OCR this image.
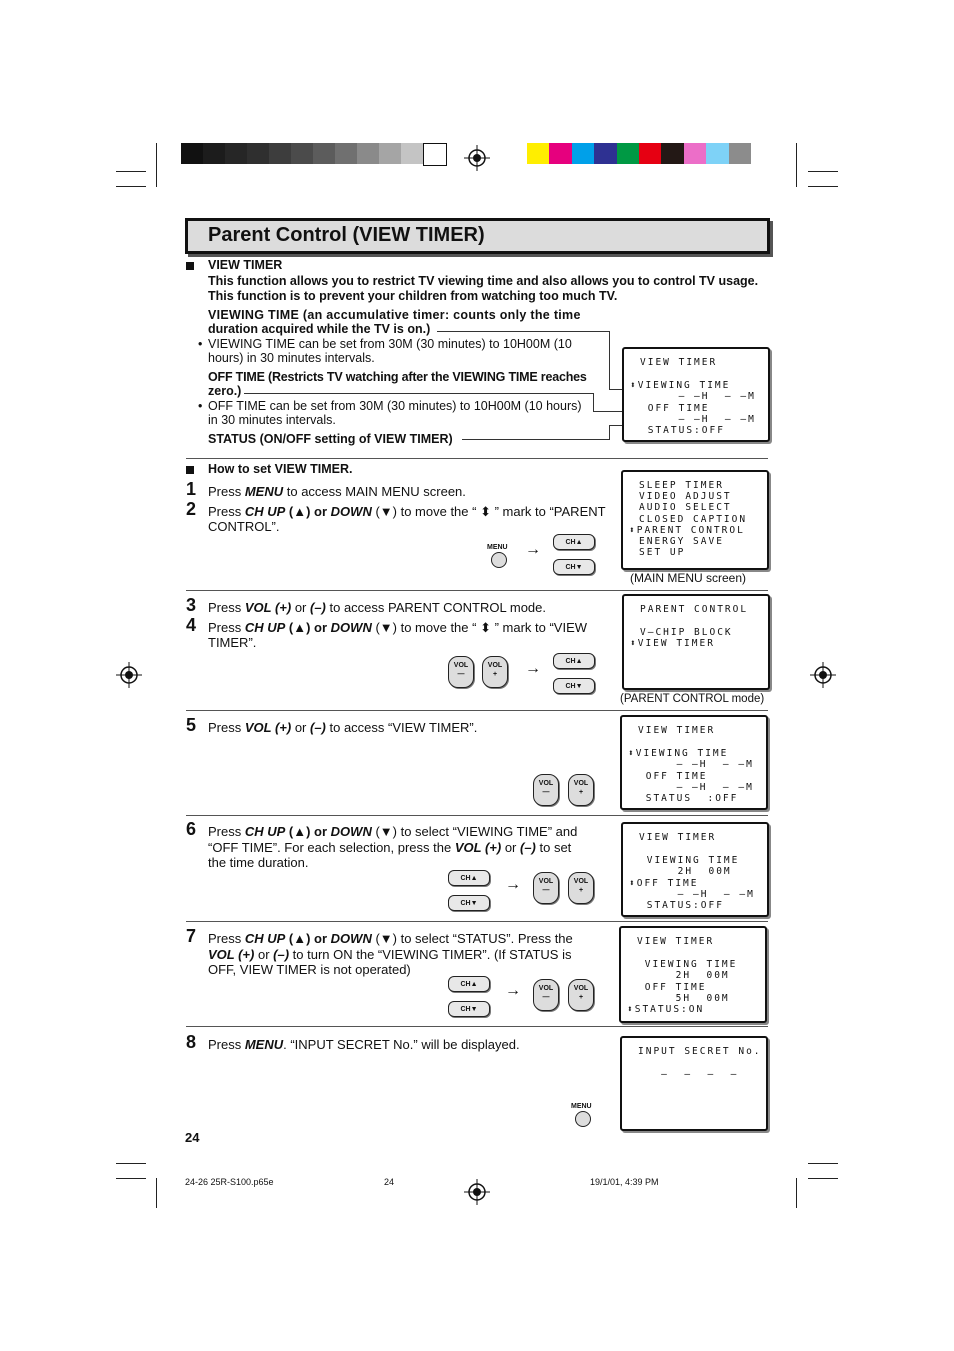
Parent Control (VIEW TIMER)
VIEW TIMER
This function allows you to restrict TV viewing time and also allows you to control TV usage.
This function is to prevent your children from watching too much TV.
VIEWING TIME (an accumulative timer: counts only the time
duration acquired while the TV is on.)
• VIEWING TIME can be set from 30M (30 minutes) to 10H00M (10
hours) in 30 minutes intervals.
OFF TIME (Restricts TV watching after the VIEWING TIME reaches
zero.)
• OFF TIME can be set from 30M (30 minutes) to 10H00M (10 hours)
in 30 minutes intervals.
STATUS (ON/OFF setting of VIEW TIMER)
VIEW TIMER
⬍VIEWING TIME
– –H  – –M
OFF TIME
– –H  – –M
STATUS:OFF
How to set VIEW TIMER.
1 Press MENU to access MAIN MENU screen.
2 Press CH UP (▲) or DOWN (▼) to move the “ ⬍ ” mark to “PARENT
CONTROL”.
MENU →	CH▲
CH▼
SLEEP TIMER
VIDEO ADJUST
AUDIO SELECT
CLOSED CAPTION
⬍PARENT CONTROL
ENERGY SAVE
SET UP
(MAIN MENU screen)
3 Press VOL (+) or (–) to access PARENT CONTROL mode.
4 Press CH UP (▲) or DOWN (▼) to move the “ ⬍ ” mark to “VIEW
TIMER”.
VOL
—
VOL
+	→	CH▲
CH▼
PARENT CONTROL
V–CHIP BLOCK
⬍VIEW TIMER
(PARENT CONTROL mode)
5 Press VOL (+) or (–) to access “VIEW TIMER”.
VOL
—
VOL
+
VIEW TIMER
⬍VIEWING TIME
– –H  – –M
OFF TIME
– –H  – –M
STATUS  :OFF
6 Press CH UP (▲) or DOWN (▼) to select “VIEWING TIME” and
“OFF TIME”. For each selection, press the VOL (+) or (–) to set
the time duration.
CH▲
CH▼
→	VOL
—
VOL
+
VIEW TIMER
VIEWING TIME
2H  00M
⬍OFF TIME
– –H  – –M
STATUS:OFF
7 Press CH UP (▲) or DOWN (▼) to select “STATUS”. Press the
VOL (+) or (–) to turn ON the “VIEWING TIMER”. (If STATUS is
OFF, VIEW TIMER is not operated)
CH▲
CH▼
→	VOL
—
VOL
+
VIEW TIMER
VIEWING TIME
2H  00M
OFF TIME
5H  00M
⬍STATUS:ON
8 Press MENU. “INPUT SECRET No.” will be displayed.
MENU
INPUT SECRET No.
–  –  –  –
24
24-26 25R-S100.p65e	24	19/1/01, 4:39 PM
